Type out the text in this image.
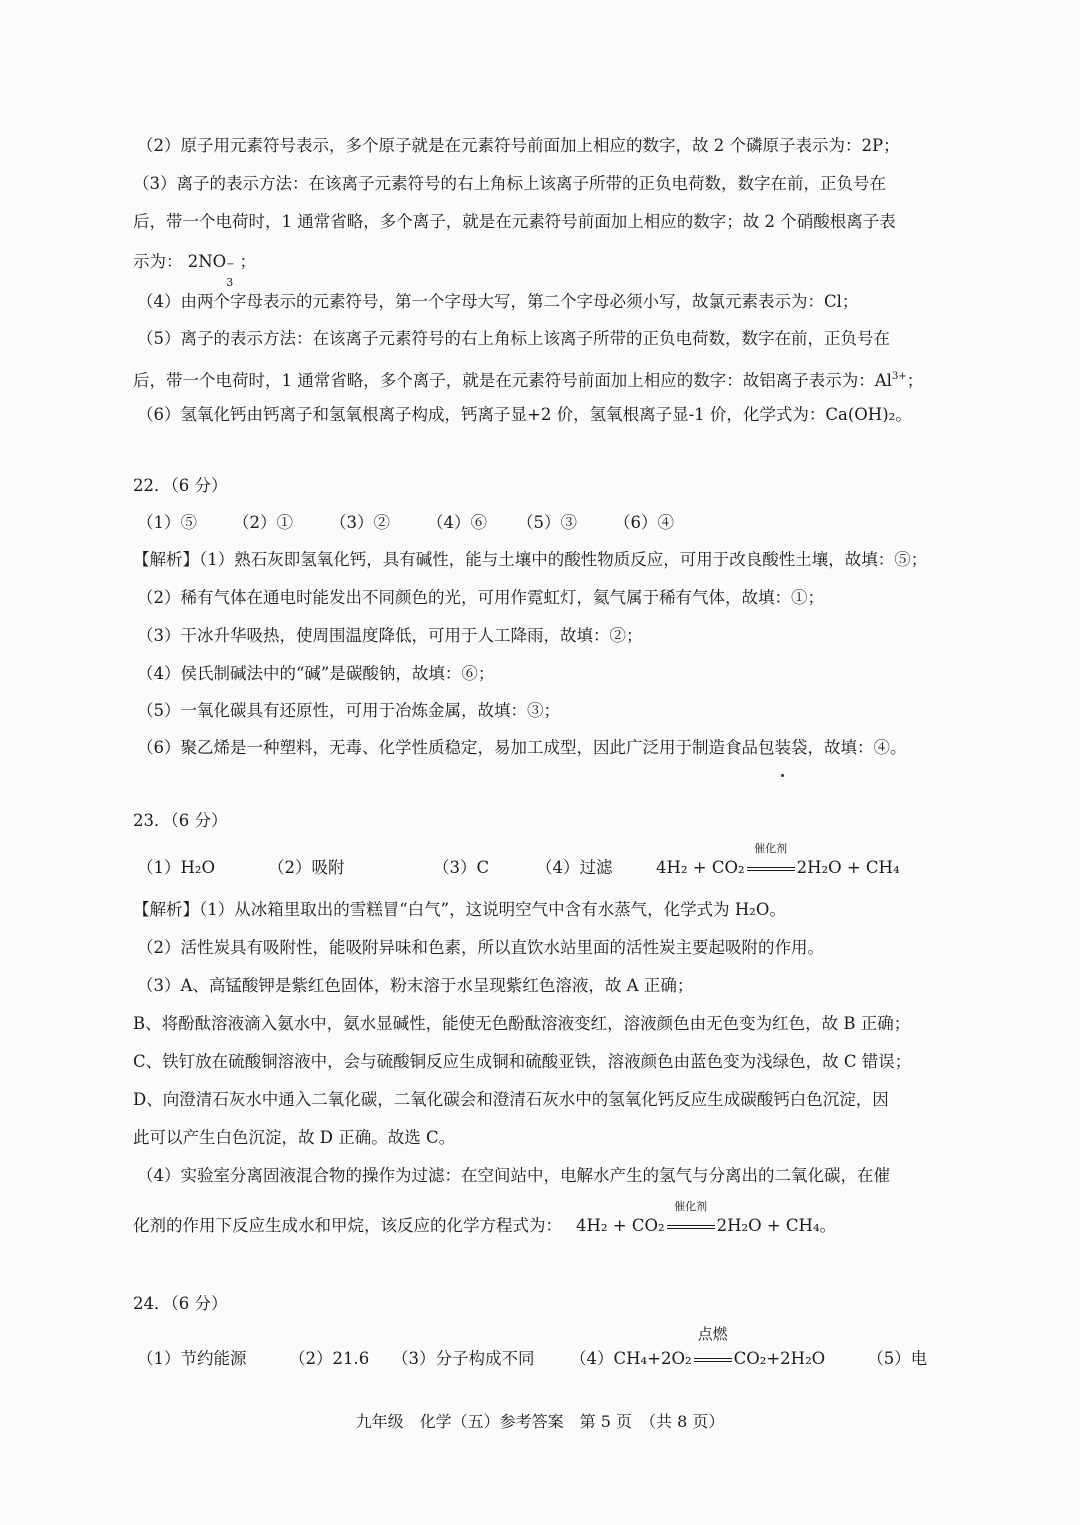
（2）原子用元素符号表示，多个原子就是在元素符号前面加上相应的数字，故 2 个磷原子表示为：2P；
（3）离子的表示方法：在该离子元素符号的右上角标上该离子所带的正负电荷数，数字在前，正负号在
后，带一个电荷时，1 通常省略，多个离子，就是在元素符号前面加上相应的数字；故 2 个硝酸根离子表
示为： 2NO −
3
；
（4）由两个字母表示的元素符号，第一个字母大写，第二个字母必须小写，故氯元素表示为：Cl；
（5）离子的表示方法：在该离子元素符号的右上角标上该离子所带的正负电荷数，数字在前，正负号在
后，带一个电荷时，1 通常省略，多个离子，就是在元素符号前面加上相应的数字：故铝离子表示为：$Al^{3+}$；
（6）氢氧化钙由钙离子和氢氧根离子构成，钙离子显+2 价，氢氧根离子显-1 价，化学式为：Ca(OH)₂。
22．（6 分）
（1）⑤ （2）① （3）② （4）⑥ （5）③ （6）④
【解析】（1）熟石灰即氢氧化钙，具有碱性，能与土壤中的酸性物质反应，可用于改良酸性土壤，故填：⑤；
（2）稀有气体在通电时能发出不同颜色的光，可用作霓虹灯，氦气属于稀有气体，故填：①；
（3）干冰升华吸热，使周围温度降低，可用于人工降雨，故填：②；
（4）侯氏制碱法中的“碱”是碳酸钠，故填：⑥；
（5）一氧化碳具有还原性，可用于冶炼金属，故填：③；
（6）聚乙烯是一种塑料，无毒、化学性质稳定，易加工成型，因此广泛用于制造食品包装袋，故填：④。
23．（6 分）
（1）H₂O	（2）吸附	（3）C	（4）过滤	4H₂ + CO₂
催化剂
2H₂O + CH₄
【解析】（1）从冰箱里取出的雪糕冒“白气”，这说明空气中含有水蒸气，化学式为 H₂O。
（2）活性炭具有吸附性，能吸附异味和色素，所以直饮水站里面的活性炭主要起吸附的作用。
（3）A、高锰酸钾是紫红色固体，粉末溶于水呈现紫红色溶液，故 A 正确；
B、将酚酞溶液滴入氨水中，氨水显碱性，能使无色酚酞溶液变红，溶液颜色由无色变为红色，故 B 正确；
C、铁钉放在硫酸铜溶液中，会与硫酸铜反应生成铜和硫酸亚铁，溶液颜色由蓝色变为浅绿色，故 C 错误；
D、向澄清石灰水中通入二氧化碳，二氧化碳会和澄清石灰水中的氢氧化钙反应生成碳酸钙白色沉淀，因
此可以产生白色沉淀，故 D 正确。故选 C。
（4）实验室分离固液混合物的操作为过滤：在空间站中，电解水产生的氢气与分离出的二氧化碳，在催
化剂的作用下反应生成水和甲烷，该反应的化学方程式为： 4H₂ + CO₂
催化剂
2H₂O + CH₄。
24．（6 分）
（1）节约能源	（2）21.6 （3）分子构成不同 （4）CH₄+2O₂
点燃
CO₂+2H₂O	（5）电
九年级　化学（五）参考答案　第 5 页　（共 8 页）
